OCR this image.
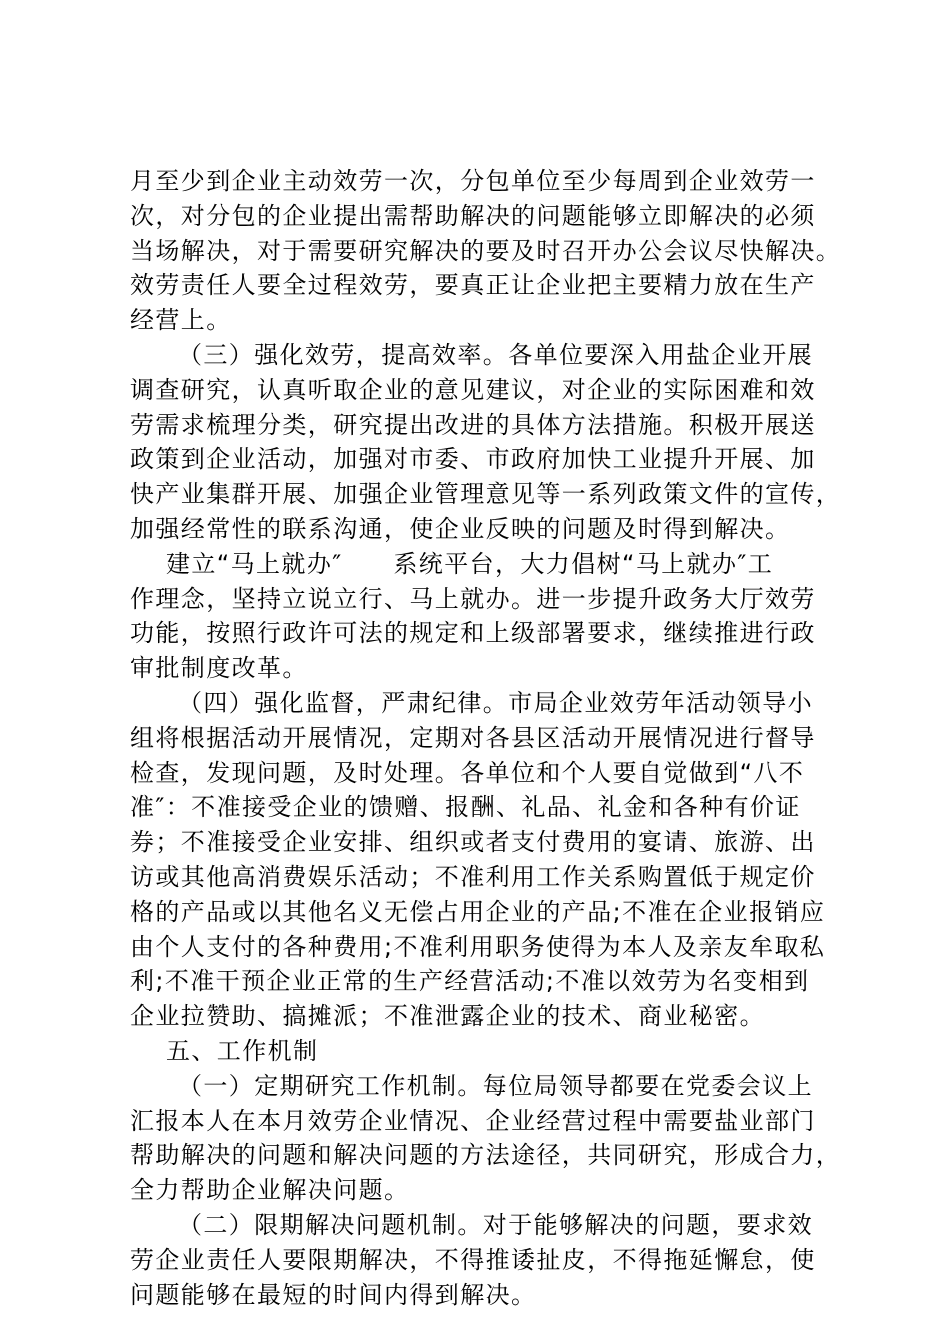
月至少到企业主动效劳一次，分包单位至少每周到企业效劳一
次，对分包的企业提出需帮助解决的问题能够立即解决的必须
当场解决，对于需要研究解决的要及时召开办公会议尽快解决。
效劳责任人要全过程效劳，要真正让企业把主要精力放在生产
经营上。
（三）强化效劳，提高效率。各单位要深入用盐企业开展
调查研究，认真听取企业的意见建议，对企业的实际困难和效
劳需求梳理分类，研究提出改进的具体方法措施。积极开展送
政策到企业活动，加强对市委、市政府加快工业提升开展、加
快产业集群开展、加强企业管理意见等一系列政策文件的宣传，
加强经常性的联系沟通，使企业反映的问题及时得到解决。
建立“马上就办″　　系统平台，大力倡树“马上就办″工
作理念，坚持立说立行、马上就办。进一步提升政务大厅效劳
功能，按照行政许可法的规定和上级部署要求，继续推进行政
审批制度改革。
（四）强化监督，严肃纪律。市局企业效劳年活动领导小
组将根据活动开展情况，定期对各县区活动开展情况进行督导
检查，发现问题，及时处理。各单位和个人要自觉做到“八不
准″：不准接受企业的馈赠、报酬、礼品、礼金和各种有价证
券；不准接受企业安排、组织或者支付费用的宴请、旅游、出
访或其他高消费娱乐活动；不准利用工作关系购置低于规定价
格的产品或以其他名义无偿占用企业的产品;不准在企业报销应
由个人支付的各种费用;不准利用职务使得为本人及亲友牟取私
利;不准干预企业正常的生产经营活动;不准以效劳为名变相到
企业拉赞助、搞摊派；不准泄露企业的技术、商业秘密。
五、工作机制
（一）定期研究工作机制。每位局领导都要在党委会议上
汇报本人在本月效劳企业情况、企业经营过程中需要盐业部门
帮助解决的问题和解决问题的方法途径，共同研究，形成合力，
全力帮助企业解决问题。
（二）限期解决问题机制。对于能够解决的问题，要求效
劳企业责任人要限期解决，不得推诿扯皮，不得拖延懈怠，使
问题能够在最短的时间内得到解决。
